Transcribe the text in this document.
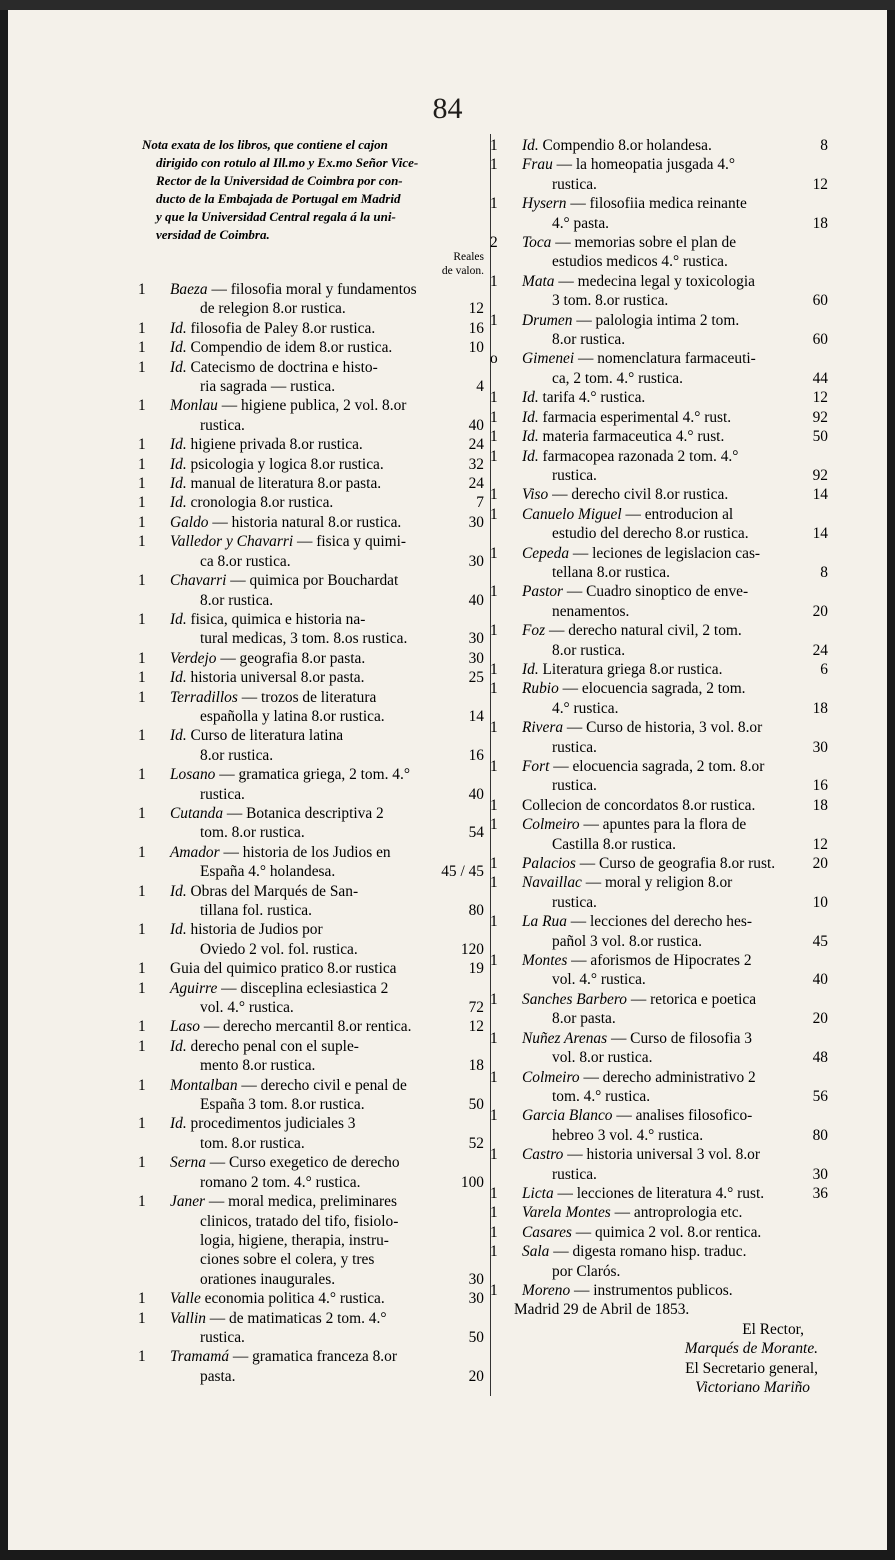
84
Nota exata de los libros, que contiene el cajon
dirigido con rotulo al Ill.mo y Ex.mo Señor Vice-
Rector de la Universidad de Coimbra por con-
ducto de la Embajada de Portugal em Madrid
y que la Universidad Central regala á la uni-
versidad de Coimbra.
Reales
de valon.
1	Baeza — filosofia moral y fundamentos
de relegion 8.or rustica.	12
1	Id. filosofia de Paley 8.or rustica.	16
1	Id. Compendio de idem 8.or rustica.	10
1	Id. Catecismo de doctrina e histo-
ria sagrada — rustica.	4
1	Monlau — higiene publica, 2 vol. 8.or
rustica.	40
1	Id. higiene privada 8.or rustica.	24
1	Id. psicologia y logica 8.or rustica.	32
1	Id. manual de literatura 8.or pasta.	24
1	Id. cronologia 8.or rustica.	7
1	Galdo — historia natural 8.or rustica.	30
1	Valledor y Chavarri — fisica y quimi-
ca 8.or rustica.	30
1	Chavarri — quimica por Bouchardat
8.or rustica.	40
1	Id. fisica, quimica e historia na-
tural medicas, 3 tom. 8.os rustica.	30
1	Verdejo — geografia 8.or pasta.	30
1	Id. historia universal 8.or pasta.	25
1	Terradillos — trozos de literatura
españolla y latina 8.or rustica.	14
1	Id. Curso de literatura latina
8.or rustica.	16
1	Losano — gramatica griega, 2 tom. 4.°
rustica.	40
1	Cutanda — Botanica descriptiva 2
tom. 8.or rustica.	54
1	Amador — historia de los Judios en
España 4.° holandesa.	45 / 45
1	Id. Obras del Marqués de San-
tillana fol. rustica.	80
1	Id. historia de Judios por
Oviedo 2 vol. fol. rustica.	120
1	Guia del quimico pratico 8.or rustica	19
1	Aguirre — disceplina eclesiastica 2
vol. 4.° rustica.	72
1	Laso — derecho mercantil 8.or rentica.	12
1	Id. derecho penal con el suple-
mento 8.or rustica.	18
1	Montalban — derecho civil e penal de
España 3 tom. 8.or rustica.	50
1	Id. procedimentos judiciales 3
tom. 8.or rustica.	52
1	Serna — Curso exegetico de derecho
romano 2 tom. 4.° rustica.	100
1	Janer — moral medica, preliminares
clinicos, tratado del tifo, fisiolo-
logia, higiene, therapia, instru-
ciones sobre el colera, y tres
orationes inaugurales.	30
1	Valle economia politica 4.° rustica.	30
1	Vallin — de matimaticas 2 tom. 4.°
rustica.	50
1	Tramamá — gramatica franceza 8.or
pasta.	20
1	Id. Compendio 8.or holandesa.	8
1	Frau — la homeopatia jusgada 4.°
rustica.	12
1	Hysern — filosofiia medica reinante
4.° pasta.	18
2	Toca — memorias sobre el plan de
estudios medicos 4.° rustica.
1	Mata — medecina legal y toxicologia
3 tom. 8.or rustica.	60
1	Drumen — palologia intima 2 tom.
8.or rustica.	60
o	Gimenei — nomenclatura farmaceuti-
ca, 2 tom. 4.° rustica.	44
1	Id. tarifa 4.° rustica.	12
1	Id. farmacia esperimental 4.° rust.	92
1	Id. materia farmaceutica 4.° rust.	50
1	Id. farmacopea razonada 2 tom. 4.°
rustica.	92
1	Viso — derecho civil 8.or rustica.	14
1	Canuelo Miguel — entroducion al
estudio del derecho 8.or rustica.	14
1	Cepeda — leciones de legislacion cas-
tellana 8.or rustica.	8
1	Pastor — Cuadro sinoptico de enve-
nenamentos.	20
1	Foz — derecho natural civil, 2 tom.
8.or rustica.	24
1	Id. Literatura griega 8.or rustica.	6
1	Rubio — elocuencia sagrada, 2 tom.
4.° rustica.	18
1	Rivera — Curso de historia, 3 vol. 8.or
rustica.	30
1	Fort — elocuencia sagrada, 2 tom. 8.or
rustica.	16
1	Collecion de concordatos 8.or rustica.	18
1	Colmeiro — apuntes para la flora de
Castilla 8.or rustica.	12
1	Palacios — Curso de geografia 8.or rust.	20
1	Navaillac — moral y religion 8.or
rustica.	10
1	La Rua — lecciones del derecho hes-
pañol 3 vol. 8.or rustica.	45
1	Montes — aforismos de Hipocrates 2
vol. 4.° rustica.	40
1	Sanches Barbero — retorica e poetica
8.or pasta.	20
1	Nuñez Arenas — Curso de filosofia 3
vol. 8.or rustica.	48
1	Colmeiro — derecho administrativo 2
tom. 4.° rustica.	56
1	Garcia Blanco — analises filosofico-
hebreo 3 vol. 4.° rustica.	80
1	Castro — historia universal 3 vol. 8.or
rustica.	30
1	Licta — lecciones de literatura 4.° rust.	36
1	Varela Montes — antroprologia etc.
1	Casares — quimica 2 vol. 8.or rentica.
1	Sala — digesta romano hisp. traduc.
por Clarós.
1	Moreno — instrumentos publicos.
Madrid 29 de Abril de 1853.
El Rector,
Marqués de Morante.
El Secretario general,
Victoriano Mariño
